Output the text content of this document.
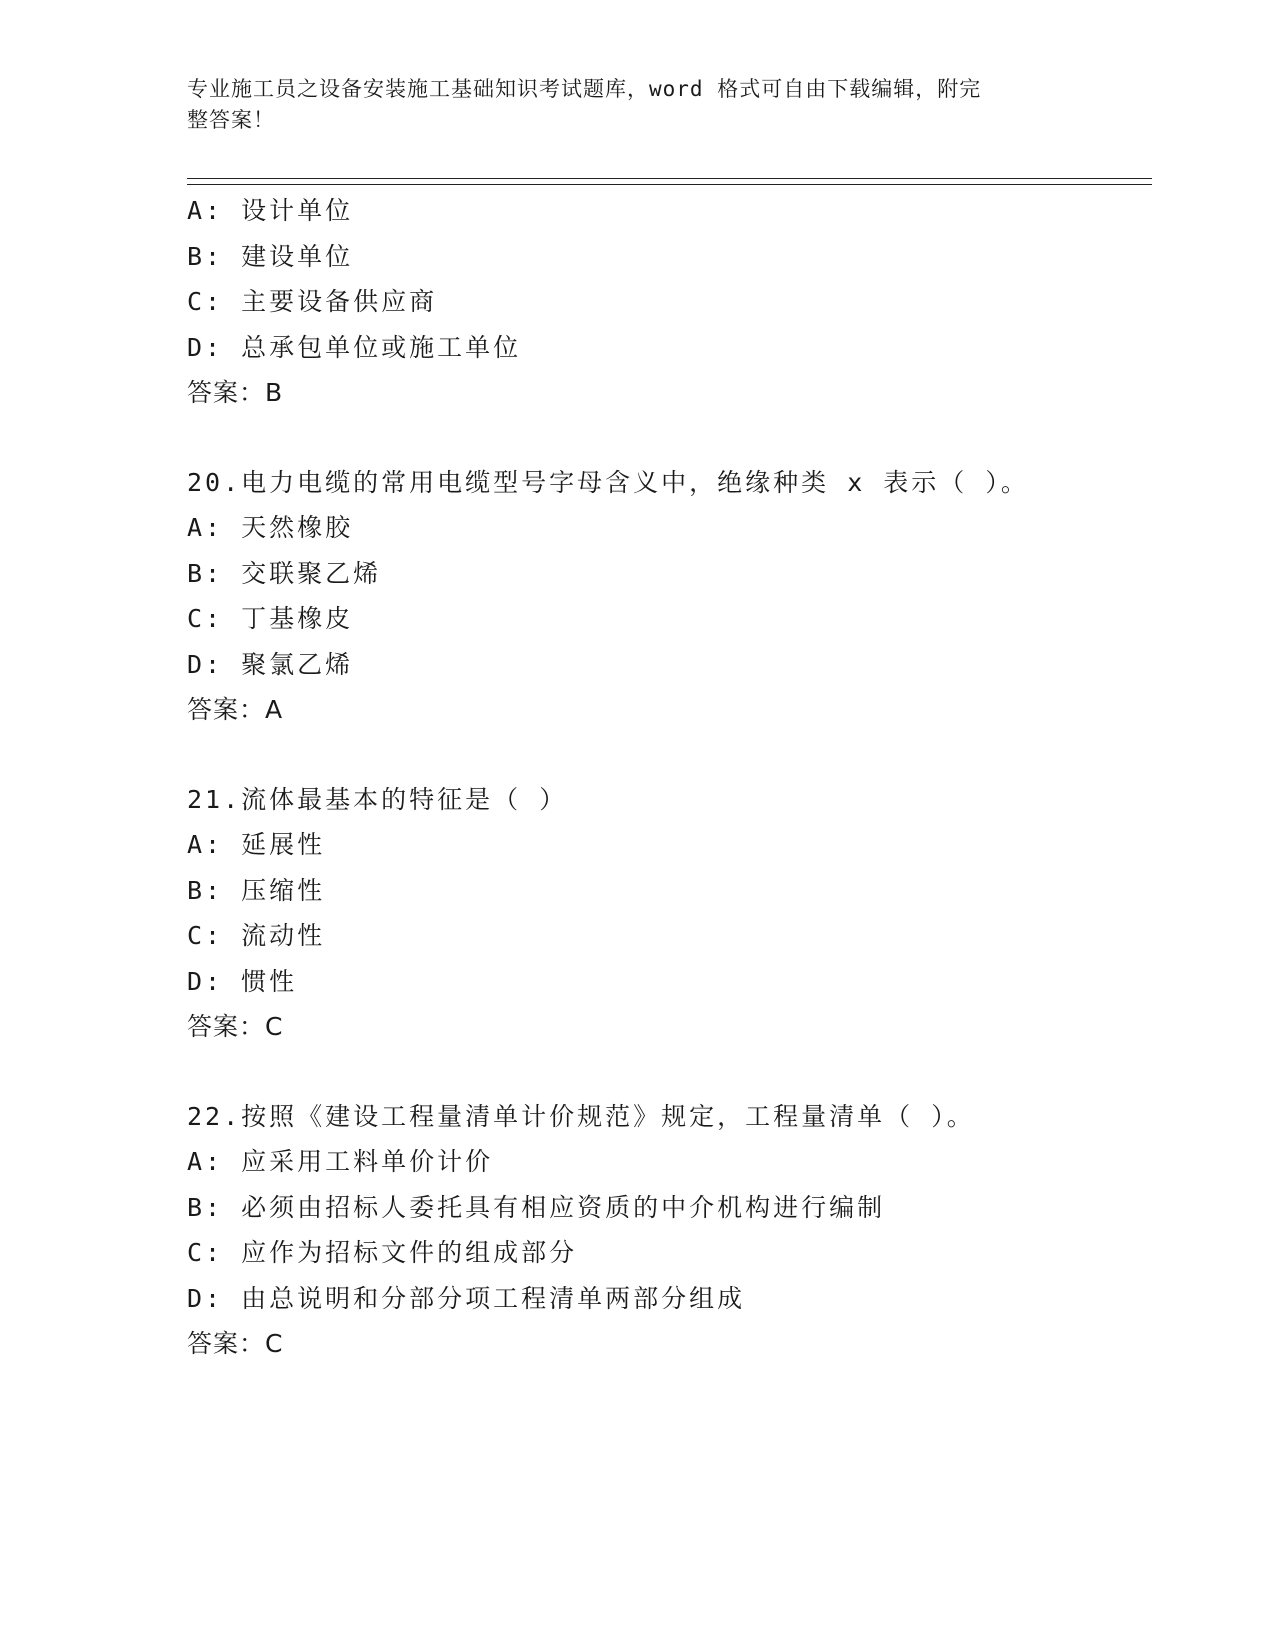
专业施工员之设备安装施工基础知识考试题库，word 格式可自由下载编辑，附完
整答案！
A: 设计单位
B: 建设单位
C: 主要设备供应商
D: 总承包单位或施工单位
答案：B
20.电力电缆的常用电缆型号字母含义中，绝缘种类 x 表示（ ）。
A: 天然橡胶
B: 交联聚乙烯
C: 丁基橡皮
D: 聚氯乙烯
答案：A
21.流体最基本的特征是（ ）
A: 延展性
B: 压缩性
C: 流动性
D: 惯性
答案：C
22.按照《建设工程量清单计价规范》规定，工程量清单（ ）。
A: 应采用工料单价计价
B: 必须由招标人委托具有相应资质的中介机构进行编制
C: 应作为招标文件的组成部分
D: 由总说明和分部分项工程清单两部分组成
答案：C
